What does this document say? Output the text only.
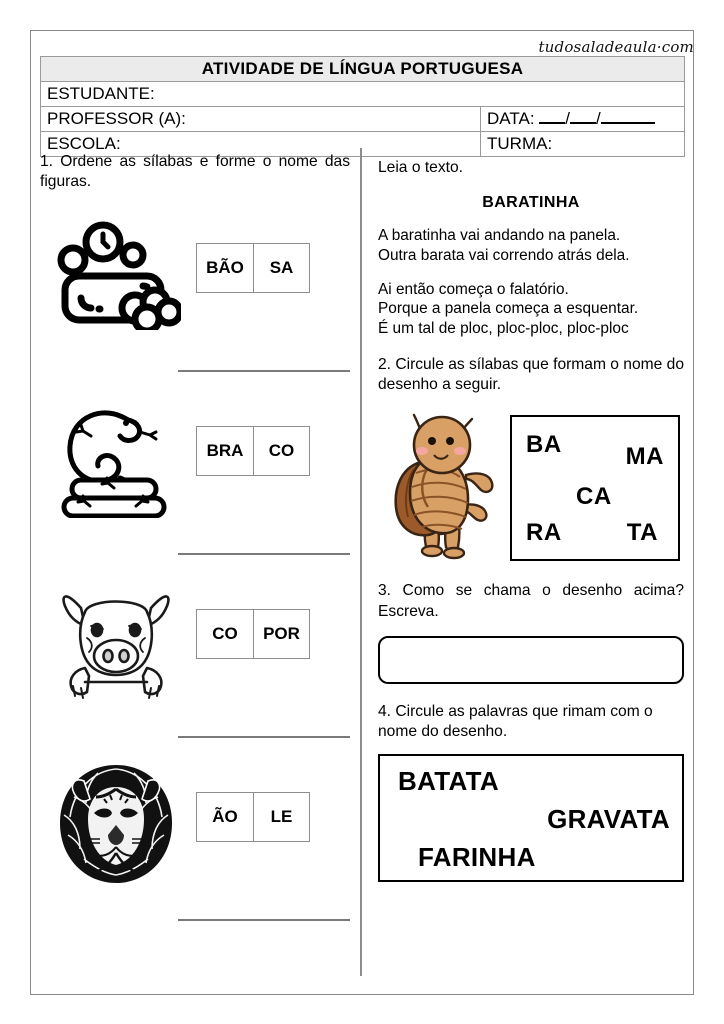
tudosaladeaula·com
ATIVIDADE DE LÍNGUA PORTUGUESA	
ESTUDANTE:	
PROFESSOR (A):	DATA: / /
ESCOLA:	TURMA:

1. Ordene as sílabas e forme o nome das figuras.

BÃO	SA
BRA	CO
CO	POR
ÃO	LE

Leia o texto.

BARATINHA

A baratinha vai andando na panela.
Outra barata vai correndo atrás dela.
Ai então começa o falatório.
Porque a panela começa a esquentar.
É um tal de ploc, ploc-ploc, ploc-ploc

2. Circule as sílabas que formam o nome do desenho a seguir.

BA	MA
CA
RA	TA

3. Como se chama o desenho acima? Escreva.

4. Circule as palavras que rimam com o nome do desenho.

BATATA
GRAVATA
FARINHA
